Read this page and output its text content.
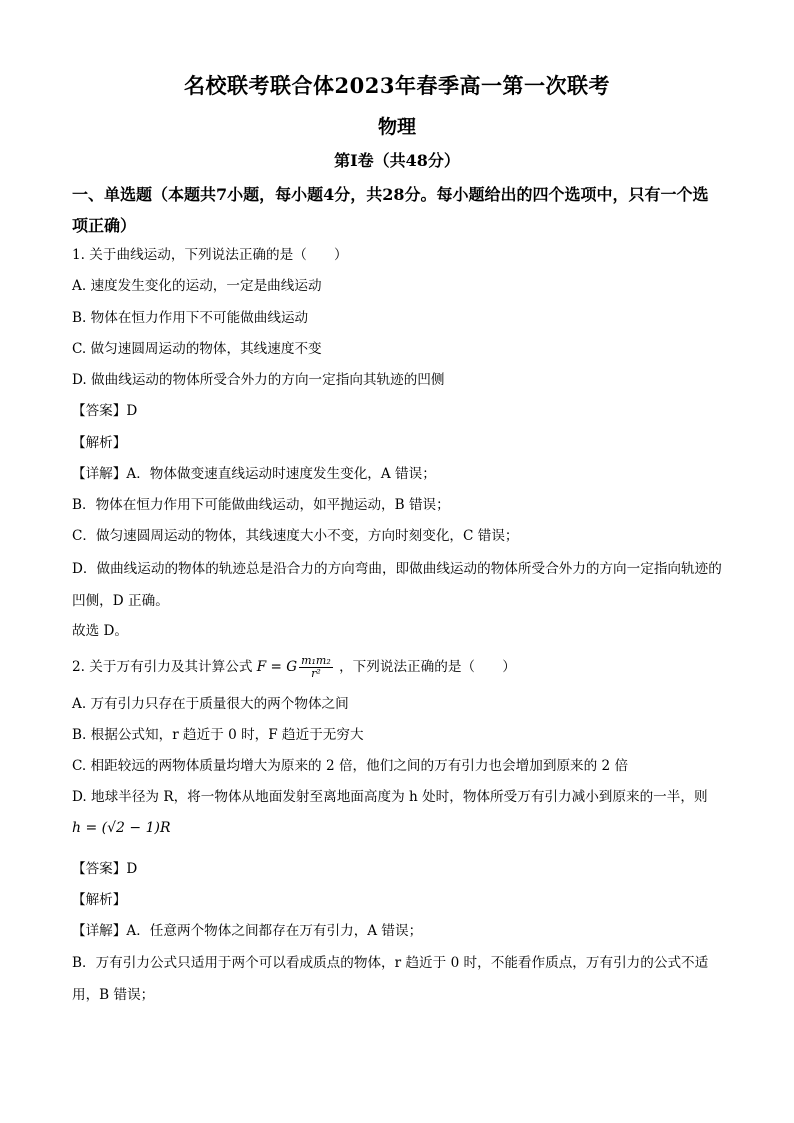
名校联考联合体2023年春季高一第一次联考
物理
第Ⅰ卷（共48分）
一、单选题（本题共7小题，每小题4分，共28分。每小题给出的四个选项中，只有一个选项正确）
1. 关于曲线运动，下列说法正确的是（　　）
A. 速度发生变化的运动，一定是曲线运动
B. 物体在恒力作用下不可能做曲线运动
C. 做匀速圆周运动的物体，其线速度不变
D. 做曲线运动的物体所受合外力的方向一定指向其轨迹的凹侧
【答案】D
【解析】
【详解】A．物体做变速直线运动时速度发生变化，A 错误；
B．物体在恒力作用下可能做曲线运动，如平抛运动，B 错误；
C．做匀速圆周运动的物体，其线速度大小不变，方向时刻变化，C 错误；
D．做曲线运动的物体的轨迹总是沿合力的方向弯曲，即做曲线运动的物体所受合外力的方向一定指向轨迹的凹侧，D 正确。
故选 D。
2. 关于万有引力及其计算公式 F = G $\frac{\text{m₁m₂}}{\text{r²}}$ ，下列说法正确的是（　　）
A. 万有引力只存在于质量很大的两个物体之间
B. 根据公式知，r 趋近于 0 时，F 趋近于无穷大
C. 相距较远的两物体质量均增大为原来的 2 倍，他们之间的万有引力也会增加到原来的 2 倍
D. 地球半径为 R，将一物体从地面发射至离地面高度为 h 处时，物体所受万有引力减小到原来的一半，则
h = (√2 − 1)R
【答案】D
【解析】
【详解】A．任意两个物体之间都存在万有引力，A 错误；
B．万有引力公式只适用于两个可以看成质点的物体，r 趋近于 0 时，不能看作质点，万有引力的公式不适用，B 错误；
